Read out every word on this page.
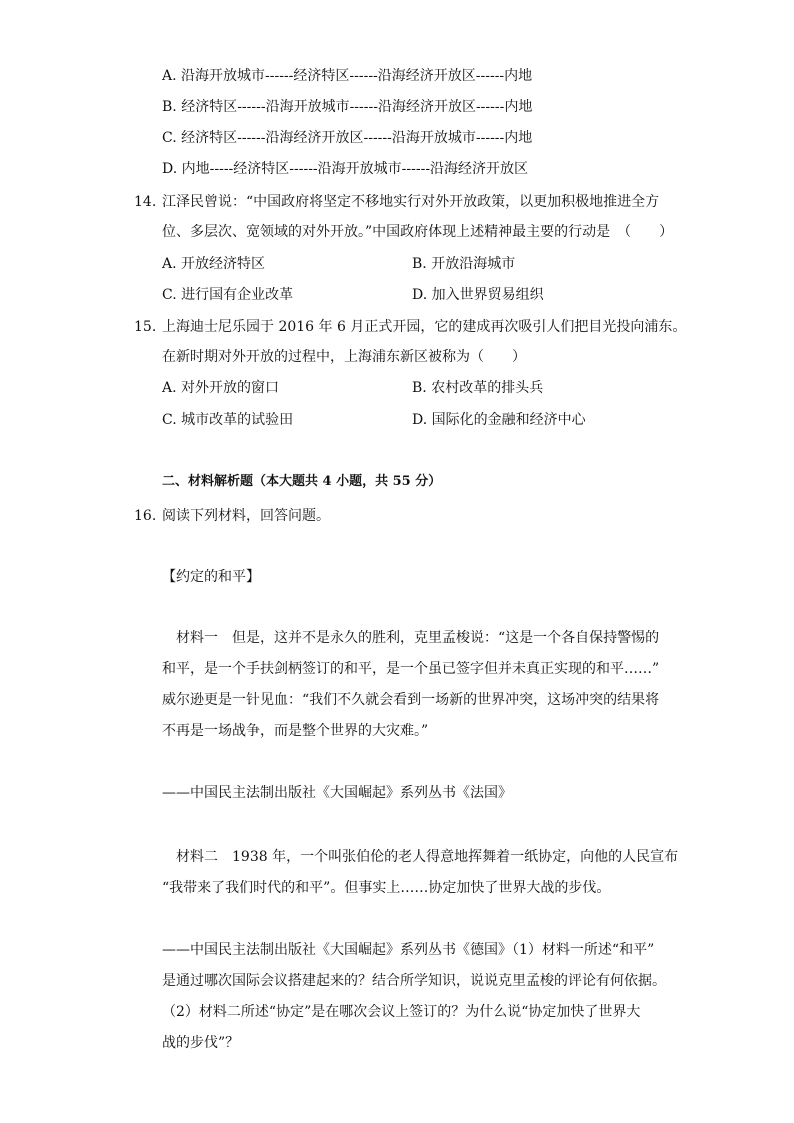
A. 沿海开放城市------经济特区------沿海经济开放区------内地
B. 经济特区------沿海开放城市------沿海经济开放区------内地
C. 经济特区------沿海经济开放区------沿海开放城市------内地
D. 内地-----经济特区------沿海开放城市------沿海经济开放区
14. 江泽民曾说：“中国政府将坚定不移地实行对外开放政策，以更加积极地推进全方
位、多层次、宽领域的对外开放。”中国政府体现上述精神最主要的行动是　（　　）
A. 开放经济特区	B. 开放沿海城市
C. 进行国有企业改革	D. 加入世界贸易组织
15. 上海迪士尼乐园于 2016 年 6 月正式开园，它的建成再次吸引人们把目光投向浦东。
在新时期对外开放的过程中，上海浦东新区被称为（　　）
A. 对外开放的窗口	B. 农村改革的排头兵
C. 城市改革的试验田	D. 国际化的金融和经济中心
二、材料解析题（本大题共 4 小题，共 55 分）
16. 阅读下列材料，回答问题。
【约定的和平】
材料一　但是，这并不是永久的胜利，克里孟梭说：“这是一个各自保持警惕的
和平，是一个手扶剑柄签订的和平，是一个虽已签字但并未真正实现的和平……”
威尔逊更是一针见血：“我们不久就会看到一场新的世界冲突，这场冲突的结果将
不再是一场战争，而是整个世界的大灾难。”
——中国民主法制出版社《大国崛起》系列丛书《法国》
材料二　1938 年，一个叫张伯伦的老人得意地挥舞着一纸协定，向他的人民宣布
“我带来了我们时代的和平”。但事实上……协定加快了世界大战的步伐。
——中国民主法制出版社《大国崛起》系列丛书《德国》（1）材料一所述“和平”
是通过哪次国际会议搭建起来的？结合所学知识，说说克里孟梭的评论有何依据。
（2）材料二所述“协定”是在哪次会议上签订的？为什么说“协定加快了世界大
战的步伐”？
